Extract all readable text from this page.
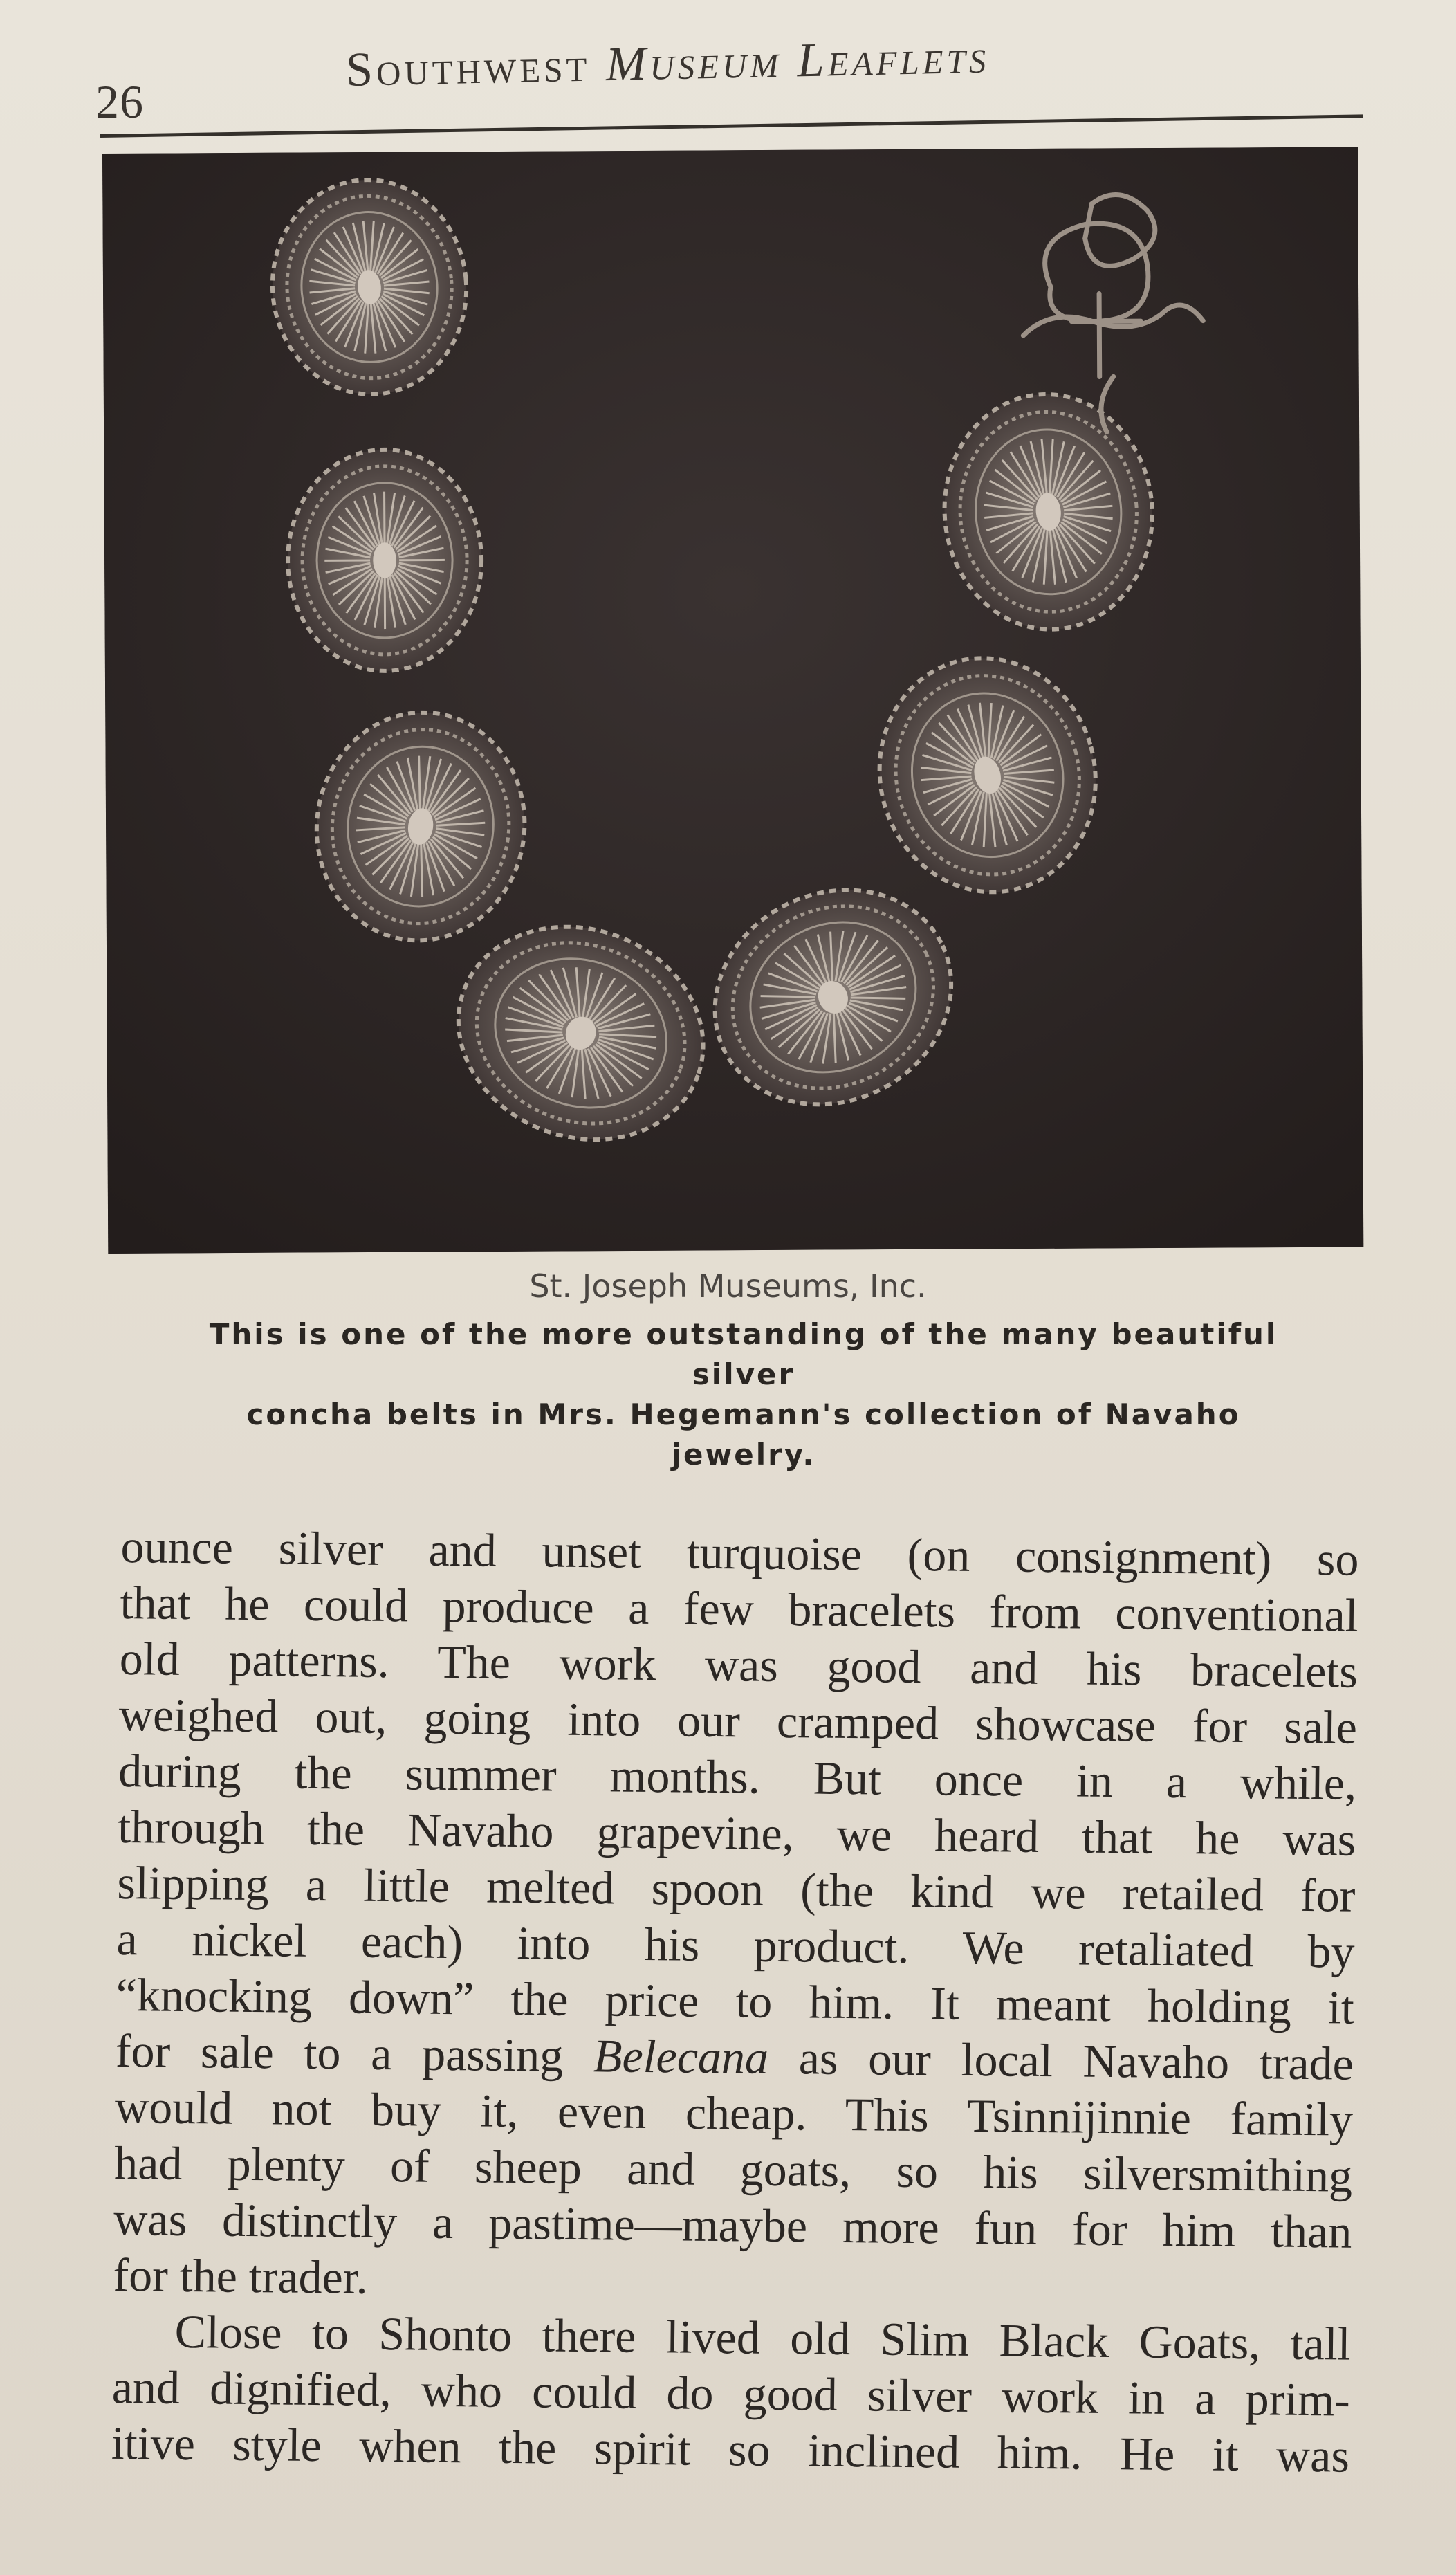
26
Southwest Museum Leaflets
St. Joseph Museums, Inc.
This is one of the more outstanding of the many beautiful silver
concha belts in Mrs. Hegemann's collection of Navaho jewelry.
ounce silver and unset turquoise (on consignment) so
that he could produce a few bracelets from conventional
old patterns. The work was good and his bracelets
weighed out, going into our cramped showcase for sale
during the summer months. But once in a while,
through the Navaho grapevine, we heard that he was
slipping a little melted spoon (the kind we retailed for
a nickel each) into his product. We retaliated by
“knocking down” the price to him. It meant holding it
for sale to a passing Belecana as our local Navaho trade
would not buy it, even cheap. This Tsinnijinnie family
had plenty of sheep and goats, so his silversmithing
was distinctly a pastime—maybe more fun for him than
for the trader.
Close to Shonto there lived old Slim Black Goats, tall
and dignified, who could do good silver work in a prim-
itive style when the spirit so inclined him. He it was
